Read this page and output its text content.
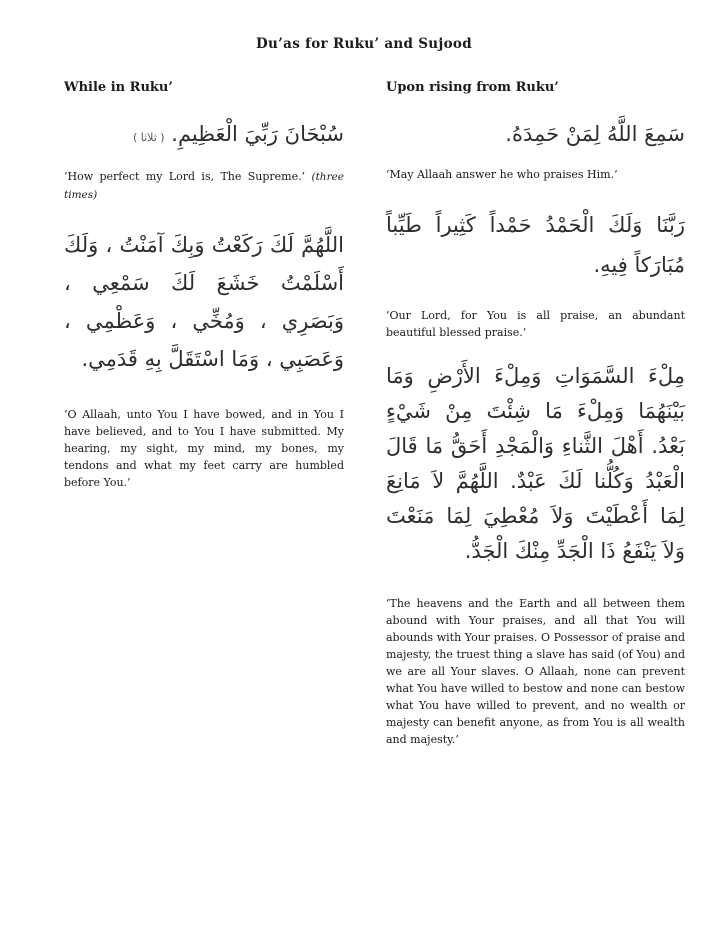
Du’as for Ruku’ and Sujood

While in Ruku’

سُبْحَانَ رَبِّيَ الْعَظِيمِ. ( ثلاثا )

‘How perfect my Lord is, The Supreme.’ (three times)

اللَّهُمَّ لَكَ رَكَعْتُ وَبِكَ آمَنْتُ ، وَلَكَ أَسْلَمْتُ خَشَعَ لَكَ سَمْعِي ، وَبَصَرِي ، وَمُخِّي ، وَعَظْمِي ، وَعَصَبِي ، وَمَا اسْتَقَلَّ بِهِ قَدَمِي.

‘O Allaah, unto You I have bowed, and in You I have believed, and to You I have submitted. My hearing, my sight, my mind, my bones, my tendons and what my feet carry are humbled before You.’

Upon rising from Ruku’

سَمِعَ اللَّهُ لِمَنْ حَمِدَهُ.

‘May Allaah answer he who praises Him.’

رَبَّنَا وَلَكَ الْحَمْدُ حَمْداً كَثِيراً طَيِّباً مُبَارَكاً فِيهِ.

‘Our Lord, for You is all praise, an abundant beautiful blessed praise.’

مِلْءَ السَّمَوَاتِ وَمِلْءَ الأَرْضِ وَمَا بَيْنَهُمَا وَمِلْءَ مَا شِئْتَ مِنْ شَيْءٍ بَعْدُ. أَهْلَ الثَّناءِ وَالْمَجْدِ أَحَقُّ مَا قَالَ الْعَبْدُ وَكُلُّنا لَكَ عَبْدٌ. اللَّهُمَّ لاَ مَانِعَ لِمَا أَعْطَيْتَ وَلاَ مُعْطِيَ لِمَا مَنَعْتَ وَلاَ يَنْفَعُ ذَا الْجَدِّ مِنْكَ الْجَدُّ.

‘The heavens and the Earth and all between them abound with Your praises, and all that You will abounds with Your praises. O Possessor of praise and majesty, the truest thing a slave has said (of You) and we are all Your slaves. O Allaah, none can prevent what You have willed to bestow and none can bestow what You have willed to prevent, and no wealth or majesty can benefit anyone, as from You is all wealth and majesty.’
